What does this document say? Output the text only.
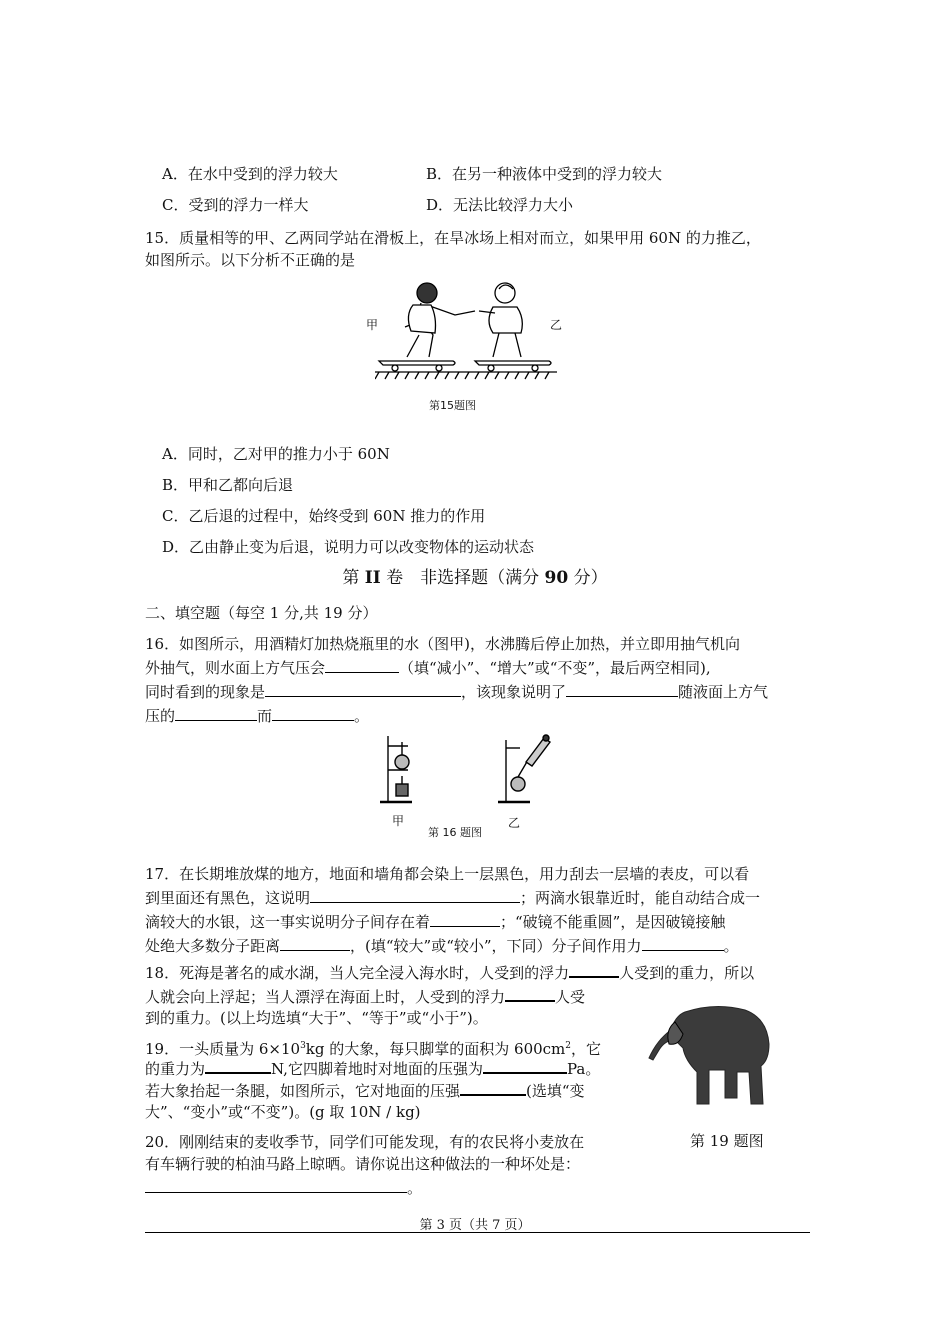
A．在水中受到的浮力较大	B．在另一种液体中受到的浮力较大
C．受到的浮力一样大	D．无法比较浮力大小
15．质量相等的甲、乙两同学站在滑板上，在旱冰场上相对而立，如果甲用 60N 的力推乙，
如图所示。以下分析不正确的是
甲	乙
第15题图
A．同时，乙对甲的推力小于 60N
B．甲和乙都向后退
C．乙后退的过程中，始终受到 60N 推力的作用
D．乙由静止变为后退，说明力可以改变物体的运动状态
第 II 卷　非选择题（满分 90 分）
二、填空题（每空 1 分,共 19 分）
16．如图所示，用酒精灯加热烧瓶里的水（图甲)，水沸腾后停止加热，并立即用抽气机向
外抽气，则水面上方气压会	（填“减小”、“增大”或“不变”，最后两空相同),
同时看到的现象是	，该现象说明了	随液面上方气
压的	而	。
甲
第 16 题图
乙
17．在长期堆放煤的地方，地面和墙角都会染上一层黑色，用力刮去一层墙的表皮，可以看
到里面还有黑色，这说明	；两滴水银靠近时，能自动结合成一
滴较大的水银，这一事实说明分子间存在着	；“破镜不能重圆”，是因破镜接触
处绝大多数分子距离	，(填“较大”或“较小”，下同）分子间作用力	。
18．死海是著名的咸水湖，当人完全浸入海水时，人受到的浮力	人受到的重力，所以
人就会向上浮起；当人漂浮在海面上时，人受到的浮力	人受
到的重力。(以上均选填“大于”、“等于”或“小于”)。
19．一头质量为 $6\times 10^3kg$ 的大象，每只脚掌的面积为 $600cm^2$，它
的重力为	N,它四脚着地时对地面的压强为	Pa。
若大象抬起一条腿，如图所示，它对地面的压强	(选填“变
大”、“变小”或“不变”)。(g 取 10N / kg)
第 19 题图
20．刚刚结束的麦收季节，同学们可能发现，有的农民将小麦放在
有车辆行驶的柏油马路上晾晒。请你说出这种做法的一种坏处是：
。
第 3 页（共 7 页）
